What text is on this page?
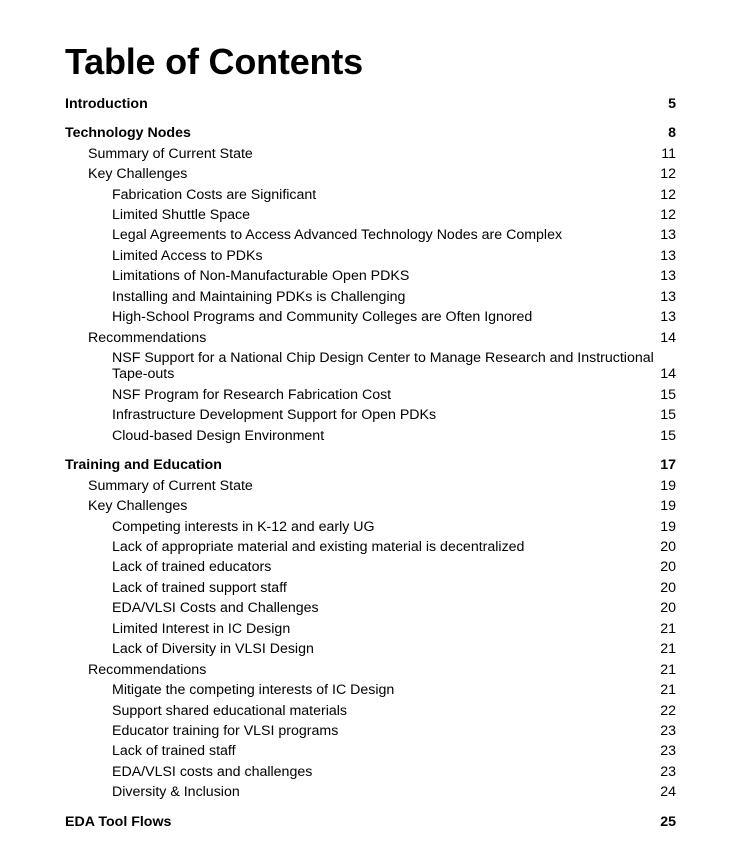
Table of Contents
Introduction	5
Technology Nodes	8
Summary of Current State	11
Key Challenges	12
Fabrication Costs are Significant	12
Limited Shuttle Space	12
Legal Agreements to Access Advanced Technology Nodes are Complex	13
Limited Access to PDKs	13
Limitations of Non-Manufacturable Open PDKS	13
Installing and Maintaining PDKs is Challenging	13
High-School Programs and Community Colleges are Often Ignored	13
Recommendations	14
NSF Support for a National Chip Design Center to Manage Research and Instructional Tape-outs	14
NSF Program for Research Fabrication Cost	15
Infrastructure Development Support for Open PDKs	15
Cloud-based Design Environment	15
Training and Education	17
Summary of Current State	19
Key Challenges	19
Competing interests in K-12 and early UG	19
Lack of appropriate material and existing material is decentralized	20
Lack of trained educators	20
Lack of trained support staff	20
EDA/VLSI Costs and Challenges	20
Limited Interest in IC Design	21
Lack of Diversity in VLSI Design	21
Recommendations	21
Mitigate the competing interests of IC Design	21
Support shared educational materials	22
Educator training for VLSI programs	23
Lack of trained staff	23
EDA/VLSI costs and challenges	23
Diversity & Inclusion	24
EDA Tool Flows	25
